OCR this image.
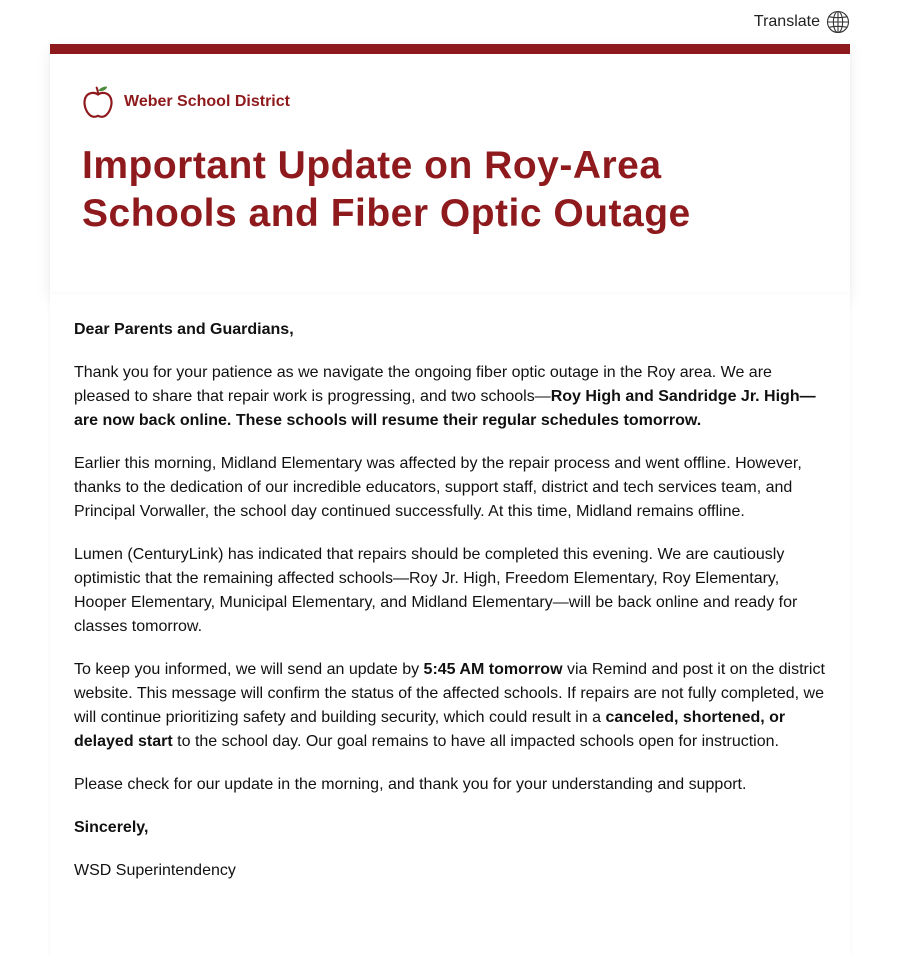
Translate
Weber School District
Important Update on Roy-Area Schools and Fiber Optic Outage

Dear Parents and Guardians,

Thank you for your patience as we navigate the ongoing fiber optic outage in the Roy area. We are pleased to share that repair work is progressing, and two schools—Roy High and Sandridge Jr. High—are now back online. These schools will resume their regular schedules tomorrow.

Earlier this morning, Midland Elementary was affected by the repair process and went offline. However, thanks to the dedication of our incredible educators, support staff, district and tech services team, and Principal Vorwaller, the school day continued successfully. At this time, Midland remains offline.

Lumen (CenturyLink) has indicated that repairs should be completed this evening. We are cautiously optimistic that the remaining affected schools—Roy Jr. High, Freedom Elementary, Roy Elementary, Hooper Elementary, Municipal Elementary, and Midland Elementary—will be back online and ready for classes tomorrow.

To keep you informed, we will send an update by 5:45 AM tomorrow via Remind and post it on the district website. This message will confirm the status of the affected schools. If repairs are not fully completed, we will continue prioritizing safety and building security, which could result in a canceled, shortened, or delayed start to the school day. Our goal remains to have all impacted schools open for instruction.

Please check for our update in the morning, and thank you for your understanding and support.

Sincerely,

WSD Superintendency
